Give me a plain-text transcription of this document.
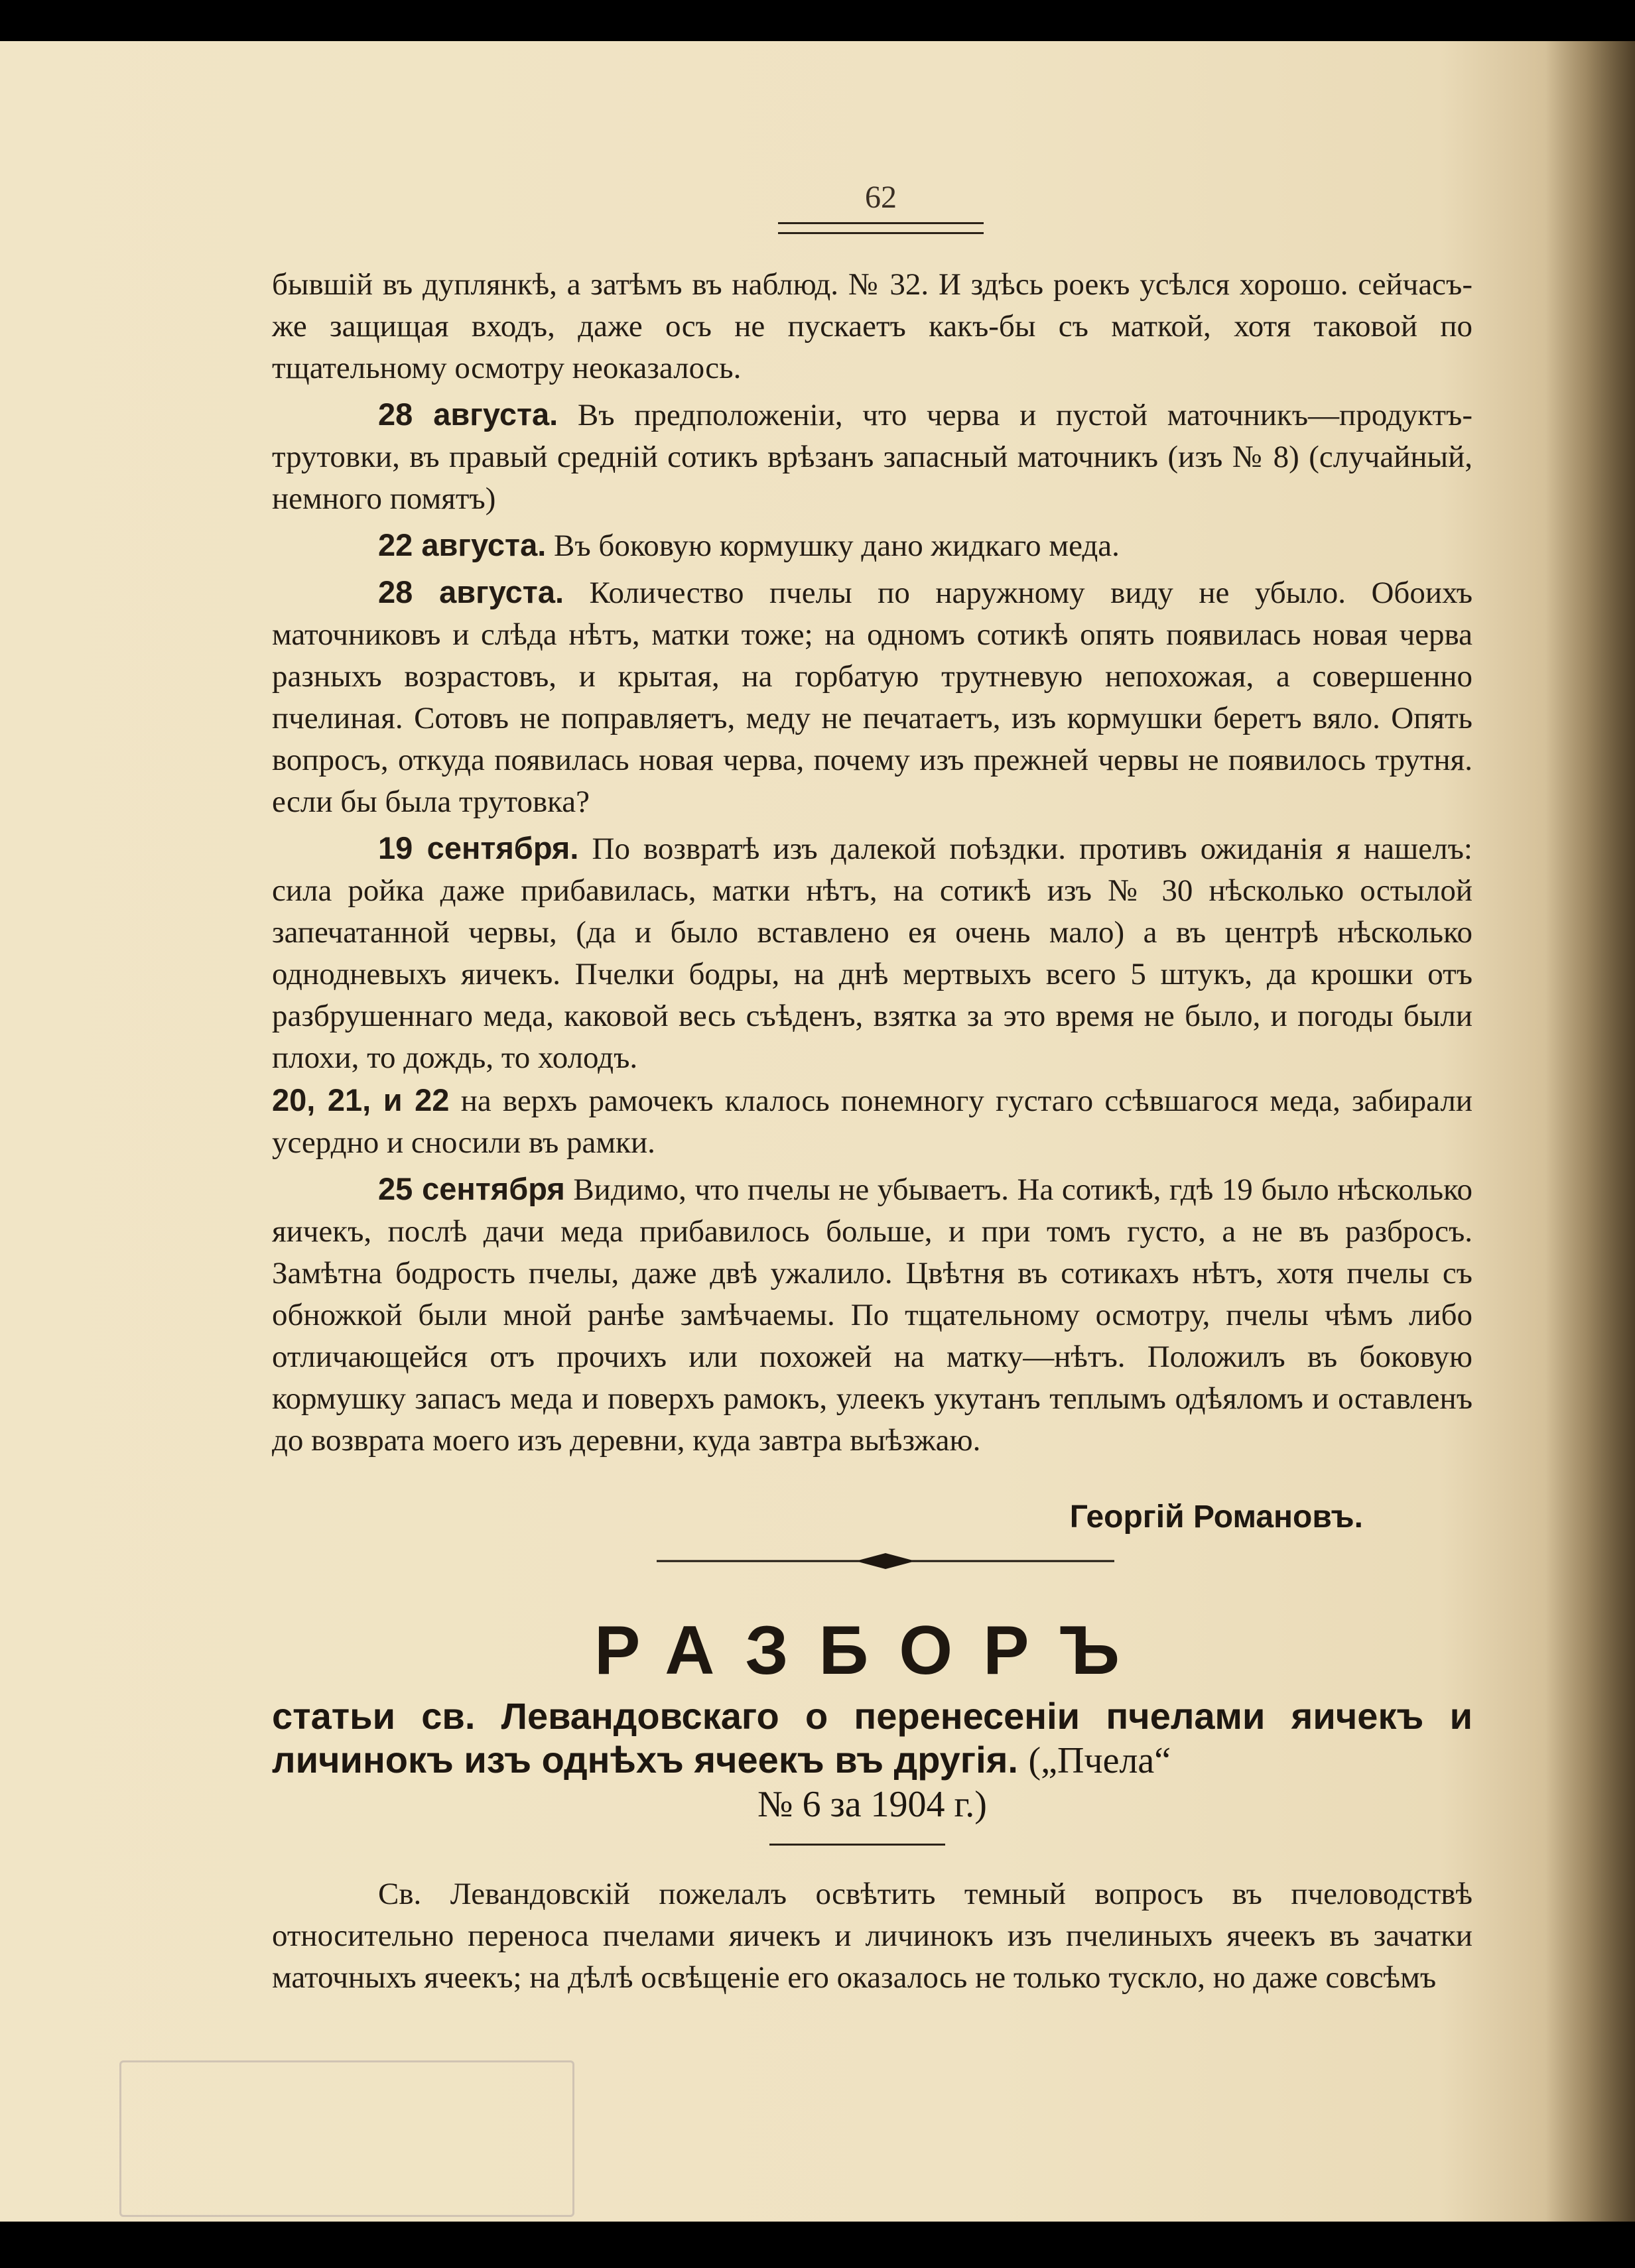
62

бывшій въ дуплянкѣ, а затѣмъ въ наблюд. № 32. И здѣсь роекъ усѣлся хорошо. сейчасъ-же защищая входъ, даже осъ не пускаетъ какъ-бы съ маткой, хотя таковой по тщательному осмотру неоказалось.

28 августа. Въ предположеніи, что черва и пустой маточникъ—продуктъ-трутовки, въ правый средній сотикъ врѣзанъ запасный маточникъ (изъ № 8) (случайный, немного помятъ)

22 августа. Въ боковую кормушку дано жидкаго меда.

28 августа. Количество пчелы по наружному виду не убыло. Обоихъ маточниковъ и слѣда нѣтъ, матки тоже; на одномъ сотикѣ опять появилась новая черва разныхъ возрастовъ, и крытая, на горбатую трутневую непохожая, а совершенно пчелиная. Сотовъ не поправляетъ, меду не печатаетъ, изъ кормушки беретъ вяло. Опять вопросъ, откуда появилась новая черва, почему изъ прежней червы не появилось трутня. если бы была трутовка?

19 сентября. По возвратѣ изъ далекой поѣздки. противъ ожиданія я нашелъ: сила ройка даже прибавилась, матки нѣтъ, на сотикѣ изъ № 30 нѣсколько остылой запечатанной червы, (да и было вставлено ея очень мало) а въ центрѣ нѣсколько однодневыхъ яичекъ. Пчелки бодры, на днѣ мертвыхъ всего 5 штукъ, да крошки отъ разбрушеннаго меда, каковой весь съѣденъ, взятка за это время не было, и погоды были плохи, то дождь, то холодъ.

20, 21, и 22 на верхъ рамочекъ клалось понемногу густаго ссѣвшагося меда, забирали усердно и сносили въ рамки.

25 сентября Видимо, что пчелы не убываетъ. На сотикѣ, гдѣ 19 было нѣсколько яичекъ, послѣ дачи меда прибавилось больше, и при томъ густо, а не въ разбросъ. Замѣтна бодрость пчелы, даже двѣ ужалило. Цвѣтня въ сотикахъ нѣтъ, хотя пчелы съ обножкой были мной ранѣе замѣчаемы. По тщательному осмотру, пчелы чѣмъ либо отличающейся отъ прочихъ или похожей на матку—нѣтъ. Положилъ въ боковую кормушку запасъ меда и поверхъ рамокъ, улеекъ укутанъ теплымъ одѣяломъ и оставленъ до возврата моего изъ деревни, куда завтра выѣзжаю.

Георгій Романовъ.
РАЗБОРЪ
статьи св. Левандовскаго о перенесеніи пчелами яичекъ и личинокъ изъ однѣхъ ячеекъ въ другія. („Пчела“
№ 6 за 1904 г.)

Св. Левандовскій пожелалъ освѣтить темный вопросъ въ пчеловодствѣ относительно переноса пчелами яичекъ и личинокъ изъ пчелиныхъ ячеекъ въ зачатки маточныхъ ячеекъ; на дѣлѣ освѣщеніе его оказалось не только тускло, но даже совсѣмъ
